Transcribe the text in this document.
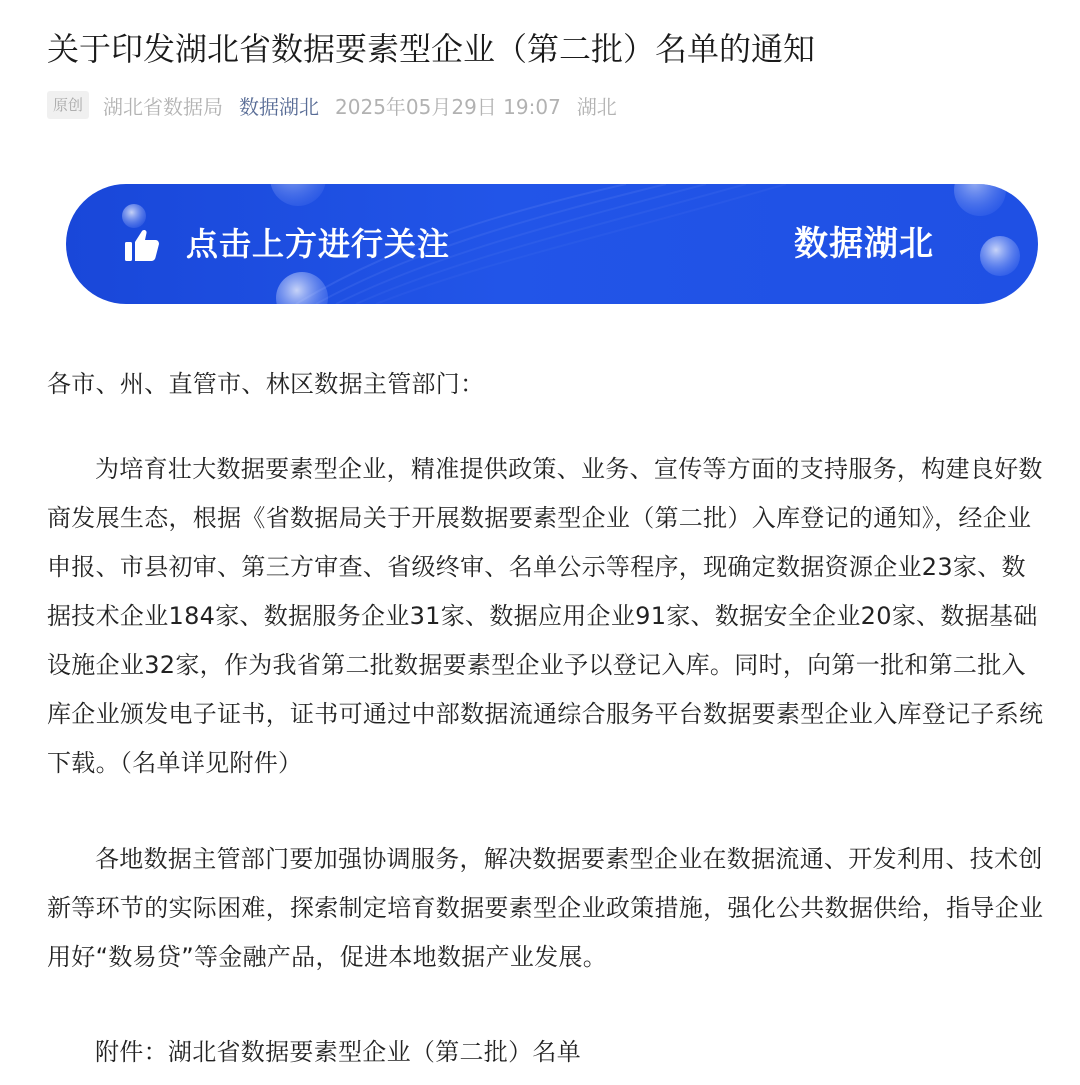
关于印发湖北省数据要素型企业（第二批）名单的通知
原创	湖北省数据局 数据湖北 2025年05月29日 19:07 湖北
点击上方进行关注	数据湖北

各市、州、直管市、林区数据主管部门：

为培育壮大数据要素型企业，精准提供政策、业务、宣传等方面的支持服务，构建良好数商发展生态，根据《省数据局关于开展数据要素型企业（第二批）入库登记的通知》，经企业申报、市县初审、第三方审查、省级终审、名单公示等程序，现确定数据资源企业23家、数据技术企业184家、数据服务企业31家、数据应用企业91家、数据安全企业20家、数据基础设施企业32家，作为我省第二批数据要素型企业予以登记入库。同时，向第一批和第二批入库企业颁发电子证书，证书可通过中部数据流通综合服务平台数据要素型企业入库登记子系统下载。（名单详见附件）

各地数据主管部门要加强协调服务，解决数据要素型企业在数据流通、开发利用、技术创新等环节的实际困难，探索制定培育数据要素型企业政策措施，强化公共数据供给，指导企业用好“数易贷”等金融产品，促进本地数据产业发展。

附件：湖北省数据要素型企业（第二批）名单
